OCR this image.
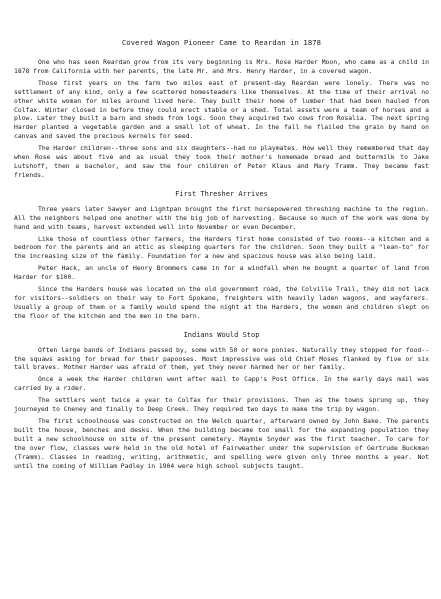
Covered Wagon Pioneer Came to Reardan in 1878

One who has seen Reardan grow from its very beginning is Mrs. Rose Harder Moon, who came as a child in 1878 from California with her parents, the late Mr. and Mrs. Henry Harder, in a covered wagon.

Those first years on the farm two miles east of present-day Reardan were lonely. There was no settlement of any kind, only a few scattered homesteaders like themselves. At the time of their arrival no other white woman for miles around lived here. They built their home of lumber that had been hauled from Colfax. Winter closed in before they could erect stable or a shed. Total assets were a team of horses and a plow. Later they built a barn and sheds from logs. Soon they acquired two cows from Rosalia. The next spring Harder planted a vegetable garden and a small lot of wheat. In the fall he flailed the grain by hand on canvas and saved the precious kernels for seed.

The Harder children--three sons and six daughters--had no playmates. How well they remembered that day when Rose was about five and as usual they took their mother's homemade bread and buttermilk to Jake Lutshoff, then a bachelor, and saw the four children of Peter Klaus and Mary Tramm. They became fast friends.

First Thresher Arrives

Three years later Sawyer and Lightpan brought the first horsepowered threshing machine to the region. All the neighbors helped one another with the big job of harvesting. Because so much of the work was done by hand and with teams, harvest extended well into November or even December.

Like those of countless other farmers, the Harders first home consisted of two rooms--a kitchen and a bedroom for the parents and an attic as sleeping quarters for the children. Soon they built a "lean-to" for the increasing size of the family. Foundation for a new and spacious house was also being laid.

Peter Hack, an uncle of Henry Brommers came in for a windfall when he bought a quarter of land from Harder for $100.

Since the Harders house was located on the old government road, the Colville Trail, they did not lack for visitors--soldiers on their way to Fort Spokane, freighters with heavily laden wagons, and wayfarers. Usually a group of them or a family would spend the night at the Harders, the women and children slept on the floor of the kitchen and the men in the barn.

Indians Would Stop

Often large bands of Indians passed by, some with 50 or more ponies. Naturally they stopped for food--the squaws asking for bread for their papooses. Most impressive was old Chief Moses flanked by five or six tall braves. Mother Harder was afraid of them, yet they never harmed her or her family.

Once a week the Harder children went after mail to Capp's Post Office. In the early days mail was carried by a rider.

The settlers went twice a year to Colfax for their provisions. Then as the towns sprung up, they journeyed to Cheney and finally to Deep Creek. They required two days to make the trip by wagon.

The first schoolhouse was constructed on the Welch quarter, afterward owned by John Bake. The parents built the house, benches and desks. When the building became too small for the expanding population they built a new schoolhouse on site of the present cemetery. Maymie Snyder was the first teacher. To care for the over flow, classes were held in the old hotel of Fairweather under the supervision of Gertrude Buckman (Tramm). Classes in reading, writing, arithmetic, and spelling were given only three months a year. Not until the coming of William Padley in 1904 were high school subjects taught.
